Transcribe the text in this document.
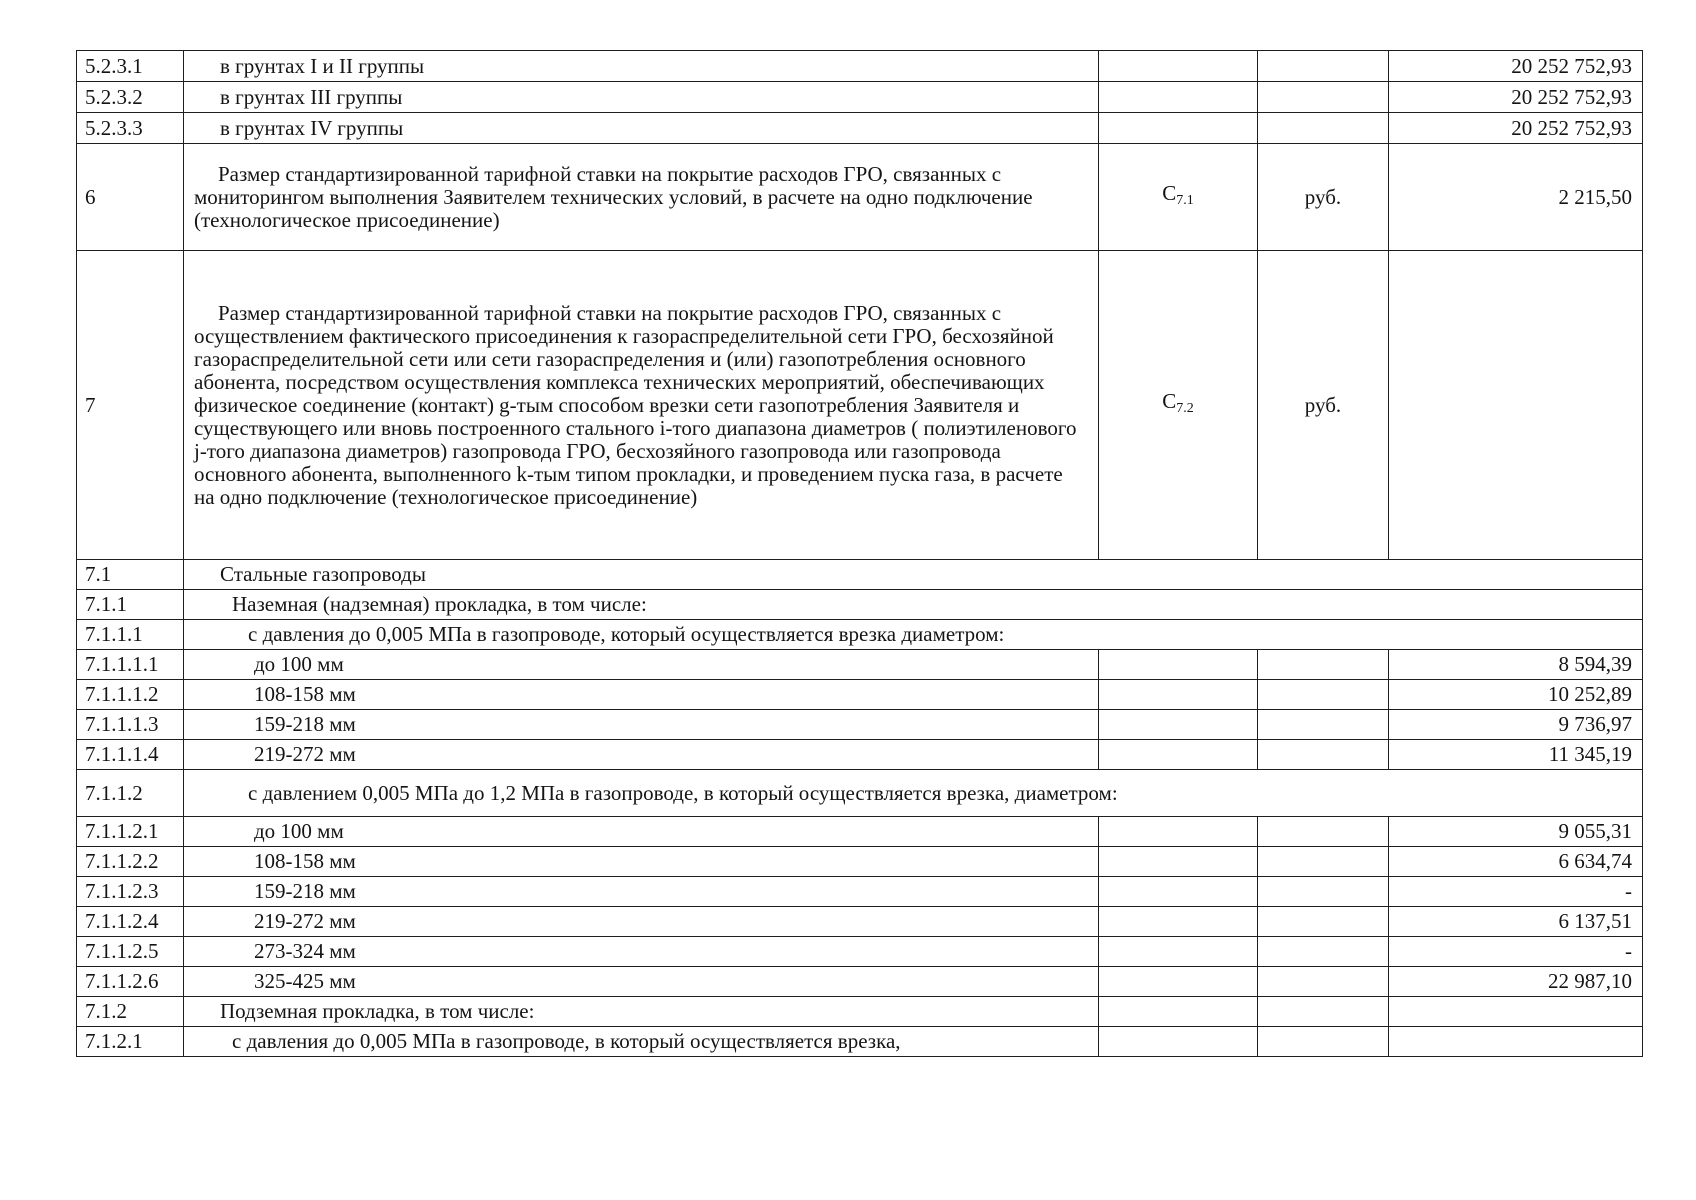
5.2.3.1	в грунтах I и II группы			20 252 752,93
5.2.3.2	в грунтах III группы			20 252 752,93
5.2.3.3	в грунтах IV группы			20 252 752,93
6	Размер стандартизированной тарифной ставки на покрытие расходов ГРО, связанных с мониторингом выполнения Заявителем технических условий, в расчете на одно подключение (технологическое присоединение)	$С_{7.1}$	руб.	2 215,50
7	Размер стандартизированной тарифной ставки на покрытие расходов ГРО, связанных с осуществлением фактического присоединения к газораспределительной сети ГРО, бесхозяйной газораспределительной сети или сети газораспределения и (или) газопотребления основного абонента, посредством осуществления комплекса технических мероприятий, обеспечивающих физическое соединение (контакт) g-тым способом врезки сети газопотребления Заявителя и существующего или вновь построенного стального i-того диапазона диаметров ( полиэтиленового j-того диапазона диаметров) газопровода ГРО, бесхозяйного газопровода или газопровода основного абонента, выполненного k-тым типом прокладки, и проведением пуска газа, в расчете на одно подключение (технологическое присоединение)	$С_{7.2}$	руб.	
7.1	Стальные газопроводы			
7.1.1	Наземная (надземная) прокладка, в том числе:			
7.1.1.1	с давления до 0,005 МПа в газопроводе, который осуществляется врезка диаметром:			
7.1.1.1.1	до 100 мм			8 594,39
7.1.1.1.2	108-158 мм			10 252,89
7.1.1.1.3	159-218 мм			9 736,97
7.1.1.1.4	219-272 мм			11 345,19
7.1.1.2	с давлением 0,005 МПа до 1,2 МПа в газопроводе, в который осуществляется врезка, диаметром:			
7.1.1.2.1	до 100 мм			9 055,31
7.1.1.2.2	108-158 мм			6 634,74
7.1.1.2.3	159-218 мм			-
7.1.1.2.4	219-272 мм			6 137,51
7.1.1.2.5	273-324 мм			-
7.1.1.2.6	325-425 мм			22 987,10
7.1.2	Подземная прокладка, в том числе:			
7.1.2.1	с давления до 0,005 МПа в газопроводе, в который осуществляется врезка,			
